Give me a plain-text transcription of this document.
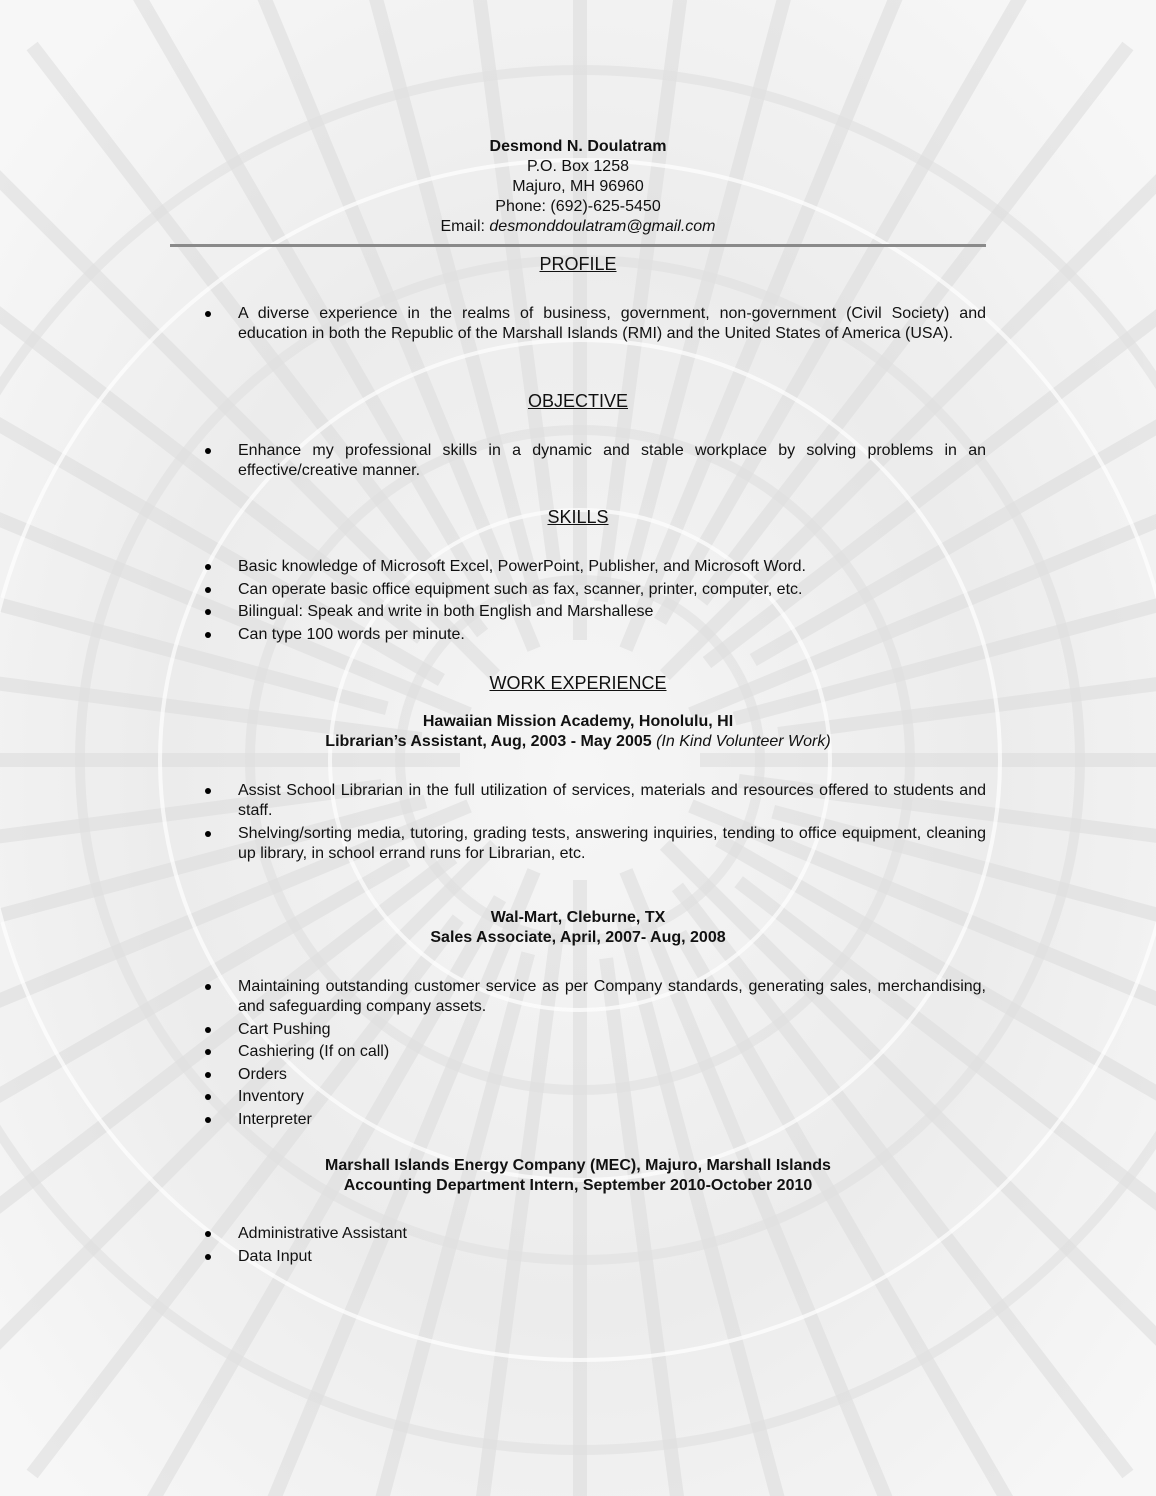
Desmond N. Doulatram
P.O. Box 1258
Majuro, MH 96960
Phone: (692)-625-5450
Email: desmonddoulatram@gmail.com
PROFILE
A diverse experience in the realms of business, government, non-government (Civil Society) and education in both the Republic of the Marshall Islands (RMI) and the United States of America (USA).
OBJECTIVE
Enhance my professional skills in a dynamic and stable workplace by solving problems in an effective/creative manner.
SKILLS
Basic knowledge of Microsoft Excel, PowerPoint, Publisher, and Microsoft Word.
Can operate basic office equipment such as fax, scanner, printer, computer, etc.
Bilingual: Speak and write in both English and Marshallese
Can type 100 words per minute.
WORK EXPERIENCE
Hawaiian Mission Academy, Honolulu, HI
Librarian’s Assistant, Aug, 2003 - May 2005 (In Kind Volunteer Work)
Assist School Librarian in the full utilization of services, materials and resources offered to students and staff.
Shelving/sorting media, tutoring, grading tests, answering inquiries, tending to office equipment, cleaning up library, in school errand runs for Librarian, etc.
Wal-Mart, Cleburne, TX
Sales Associate, April, 2007- Aug, 2008
Maintaining outstanding customer service as per Company standards, generating sales, merchandising, and safeguarding company assets.
Cart Pushing
Cashiering (If on call)
Orders
Inventory
Interpreter
Marshall Islands Energy Company (MEC), Majuro, Marshall Islands
Accounting Department Intern, September 2010-October 2010
Administrative Assistant
Data Input
